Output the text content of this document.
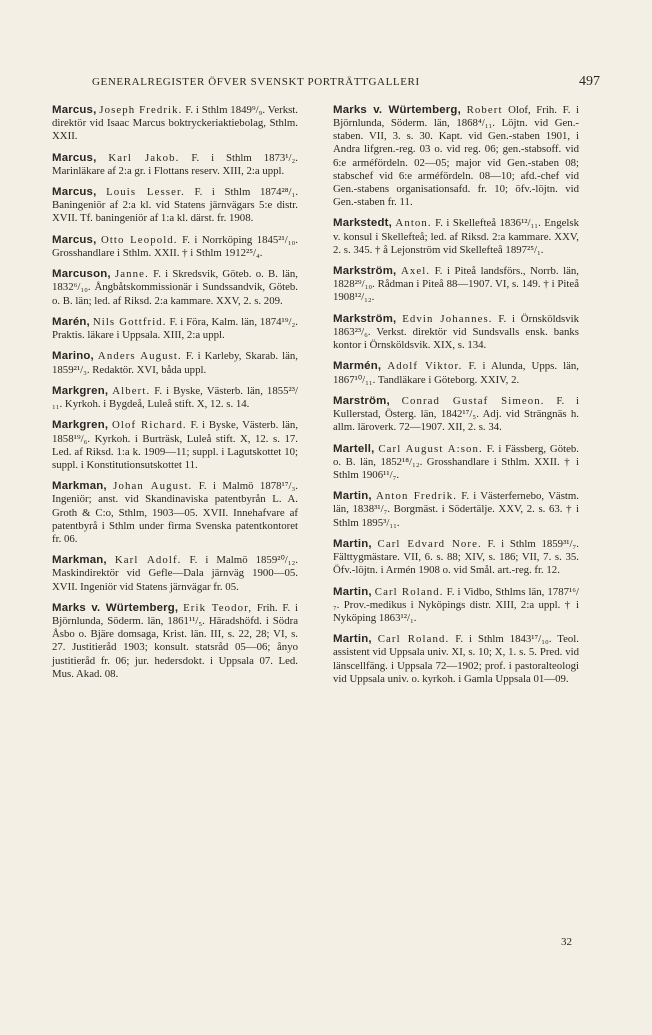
GENERALREGISTER ÖFVER SVENSKT PORTRÄTTGALLERI	497

Marcus, Joseph Fredrik. F. i Sthlm 1849⁹/₉. Verkst. direktör vid Isaac Marcus boktryckeriaktiebolag, Sthlm. XXII.

Marcus, Karl Jakob. F. i Sthlm 1873¹/₂. Marinläkare af 2:a gr. i Flottans reserv. XIII, 2:a uppl.

Marcus, Louis Lesser. F. i Sthlm 1874²⁸/₁. Baningeniör af 2:a kl. vid Statens järnvägars 5:e distr. XVII. Tf. baningeniör af 1:a kl. därst. fr. 1908.

Marcus, Otto Leopold. F. i Norrköping 1845²¹/₁₀. Grosshandlare i Sthlm. XXII. † i Sthlm 1912²⁵/₄.

Marcuson, Janne. F. i Skredsvik, Göteb. o. B. län, 1832⁶/₁₀. Ångbåtskommissionär i Sundssandvik, Göteb. o. B. län; led. af Riksd. 2:a kammare. XXV, 2. s. 209.

Marén, Nils Gottfrid. F. i Föra, Kalm. län, 1874¹⁹/₂. Praktis. läkare i Uppsala. XIII, 2:a uppl.

Marino, Anders August. F. i Karleby, Skarab. län, 1859²¹/₃. Redaktör. XVI, båda uppl.

Markgren, Albert. F. i Byske, Västerb. län, 1855²³/₁₁. Kyrkoh. i Bygdeå, Luleå stift. X, 12. s. 14.

Markgren, Olof Richard. F. i Byske, Västerb. län, 1858¹⁹/₆. Kyrkoh. i Burträsk, Luleå stift. X, 12. s. 17. Led. af Riksd. 1:a k. 1909—11; suppl. i Lagutskottet 10; suppl. i Konstitutionsutskottet 11.

Markman, Johan August. F. i Malmö 1878¹⁷/₃. Ingeniör; anst. vid Skandinaviska patentbyrån L. A. Groth & C:o, Sthlm, 1903—05. XVII. Innehafvare af patentbyrå i Sthlm under firma Svenska patentkontoret fr. 06.

Markman, Karl Adolf. F. i Malmö 1859²⁰/₁₂. Maskindirektör vid Gefle—Dala järnväg 1900—05. XVII. Ingeniör vid Statens järnvägar fr. 05.

Marks v. Würtemberg, Erik Teodor, Frih. F. i Björnlunda, Söderm. län, 1861¹¹/₅. Häradshöfd. i Södra Åsbo o. Bjäre domsaga, Krist. län. III, s. 22, 28; VI, s. 27. Justitieråd 1903; konsult. statsråd 05—06; ånyo justitieråd fr. 06; jur. hedersdokt. i Uppsala 07. Led. Mus. Akad. 08.

Marks v. Würtemberg, Robert Olof, Frih. F. i Björnlunda, Söderm. län, 1868⁴/₁₁. Löjtn. vid Gen.-staben. VII, 3. s. 30. Kapt. vid Gen.-staben 1901, i Andra lifgren.-reg. 03 o. vid reg. 06; gen.-stabsoff. vid 6:e arméfördeln. 02—05; major vid Gen.-staben 08; stabschef vid 6:e arméfördeln. 08—10; afd.-chef vid Gen.-stabens organisationsafd. fr. 10; öfv.-löjtn. vid Gen.-staben fr. 11.

Markstedt, Anton. F. i Skellefteå 1836¹²/₁₁. Engelsk v. konsul i Skellefteå; led. af Riksd. 2:a kammare. XXV, 2. s. 345. † å Lejonström vid Skellefteå 1897²⁵/₁.

Markström, Axel. F. i Piteå landsförs., Norrb. län, 1828²⁹/₁₀. Rådman i Piteå 88—1907. VI, s. 149. † i Piteå 1908¹²/₁₂.

Markström, Edvin Johannes. F. i Örnsköldsvik 1863²³/₆. Verkst. direktör vid Sundsvalls ensk. banks kontor i Örnsköldsvik. XIX, s. 134.

Marmén, Adolf Viktor. F. i Alunda, Upps. län, 1867¹⁰/₁₁. Tandläkare i Göteborg. XXIV, 2.

Marström, Conrad Gustaf Simeon. F. i Kullerstad, Österg. län, 1842¹⁷/₅. Adj. vid Strängnäs h. allm. läroverk. 72—1907. XII, 2. s. 34.

Martell, Carl August A:son. F. i Fässberg, Göteb. o. B. län, 1852¹⁸/₁₂. Grosshandlare i Sthlm. XXII. † i Sthlm 1906¹¹/₇.

Martin, Anton Fredrik. F. i Västerfernebo, Västm. län, 1838³¹/₇. Borgmäst. i Södertälje. XXV, 2. s. 63. † i Sthlm 1895³/₁₁.

Martin, Carl Edvard Nore. F. i Sthlm 1859³¹/₇. Fälttygmästare. VII, 6. s. 88; XIV, s. 186; VII, 7. s. 35. Öfv.-löjtn. i Armén 1908 o. vid Smål. art.-reg. fr. 12.

Martin, Carl Roland. F. i Vidbo, Sthlms län, 1787¹⁶/₇. Prov.-medikus i Nyköpings distr. XIII, 2:a uppl. † i Nyköping 1863¹²/₁.

Martin, Carl Roland. F. i Sthlm 1843¹⁷/₁₀. Teol. assistent vid Uppsala univ. XI, s. 10; X, 1. s. 5. Pred. vid länscellfäng. i Uppsala 72—1902; prof. i pastoralteologi vid Uppsala univ. o. kyrkoh. i Gamla Uppsala 01—09.

32
